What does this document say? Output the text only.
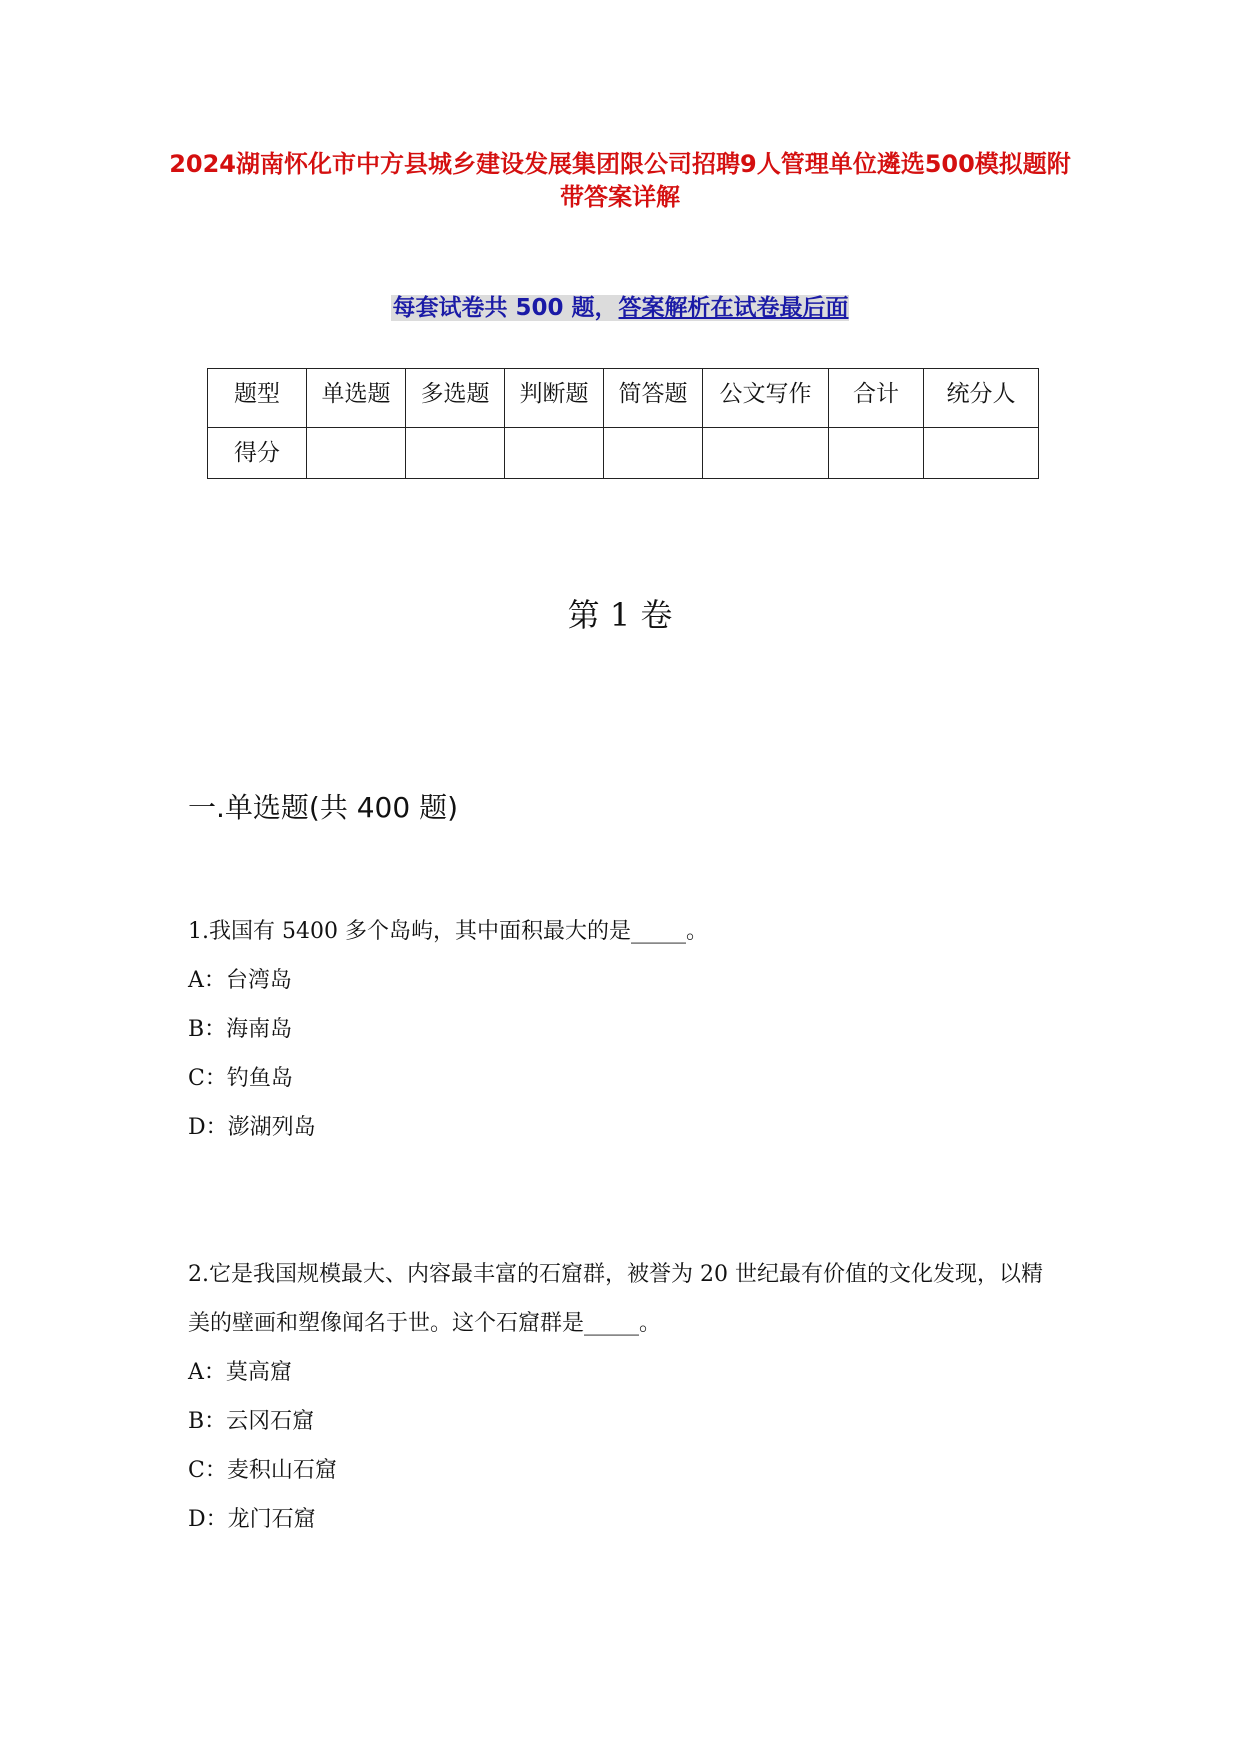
2024湖南怀化市中方县城乡建设发展集团限公司招聘9人管理单位遴选500模拟题附带答案详解
每套试卷共 500 题，答案解析在试卷最后面
题型	单选题	多选题	判断题	简答题	公文写作	合计	统分人
得分							
第 1 卷
一.单选题(共 400 题)

1.我国有 5400 多个岛屿，其中面积最大的是_____。

A：台湾岛

B：海南岛

C：钓鱼岛

D：澎湖列岛

2.它是我国规模最大、内容最丰富的石窟群，被誉为 20 世纪最有价值的文化发现，以精美的壁画和塑像闻名于世。这个石窟群是_____。

A：莫高窟

B：云冈石窟

C：麦积山石窟

D：龙门石窟
